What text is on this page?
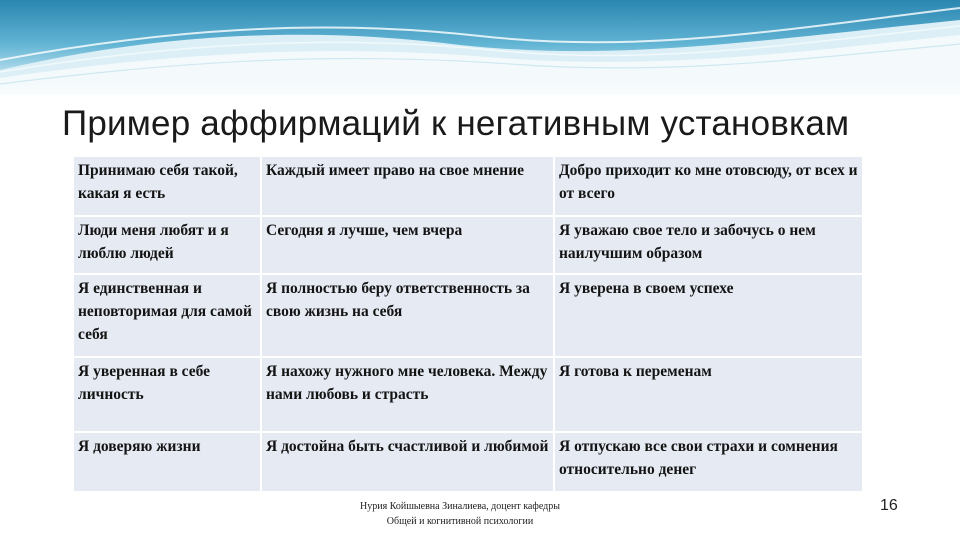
Пример аффирмаций к негативным установкам
Принимаю себя такой, какая я есть	Каждый имеет право на свое мнение	Добро приходит ко мне отовсюду, от всех и от всего
Люди меня любят и я люблю людей	Сегодня я лучше, чем вчера	Я уважаю свое тело и забочусь о нем наилучшим образом
Я единственная и неповторимая для самой себя	Я полностью беру ответственность за свою жизнь на себя	Я уверена в своем успехе
Я уверенная в себе личность	Я нахожу нужного мне человека. Между нами любовь и страсть	Я готова к переменам
Я доверяю жизни	Я достойна быть счастливой и любимой	Я отпускаю все свои страхи и сомнения относительно денег
Нурия Койшыевна Зиналиева, доцент кафедры
Общей и когнитивной психологии
16
